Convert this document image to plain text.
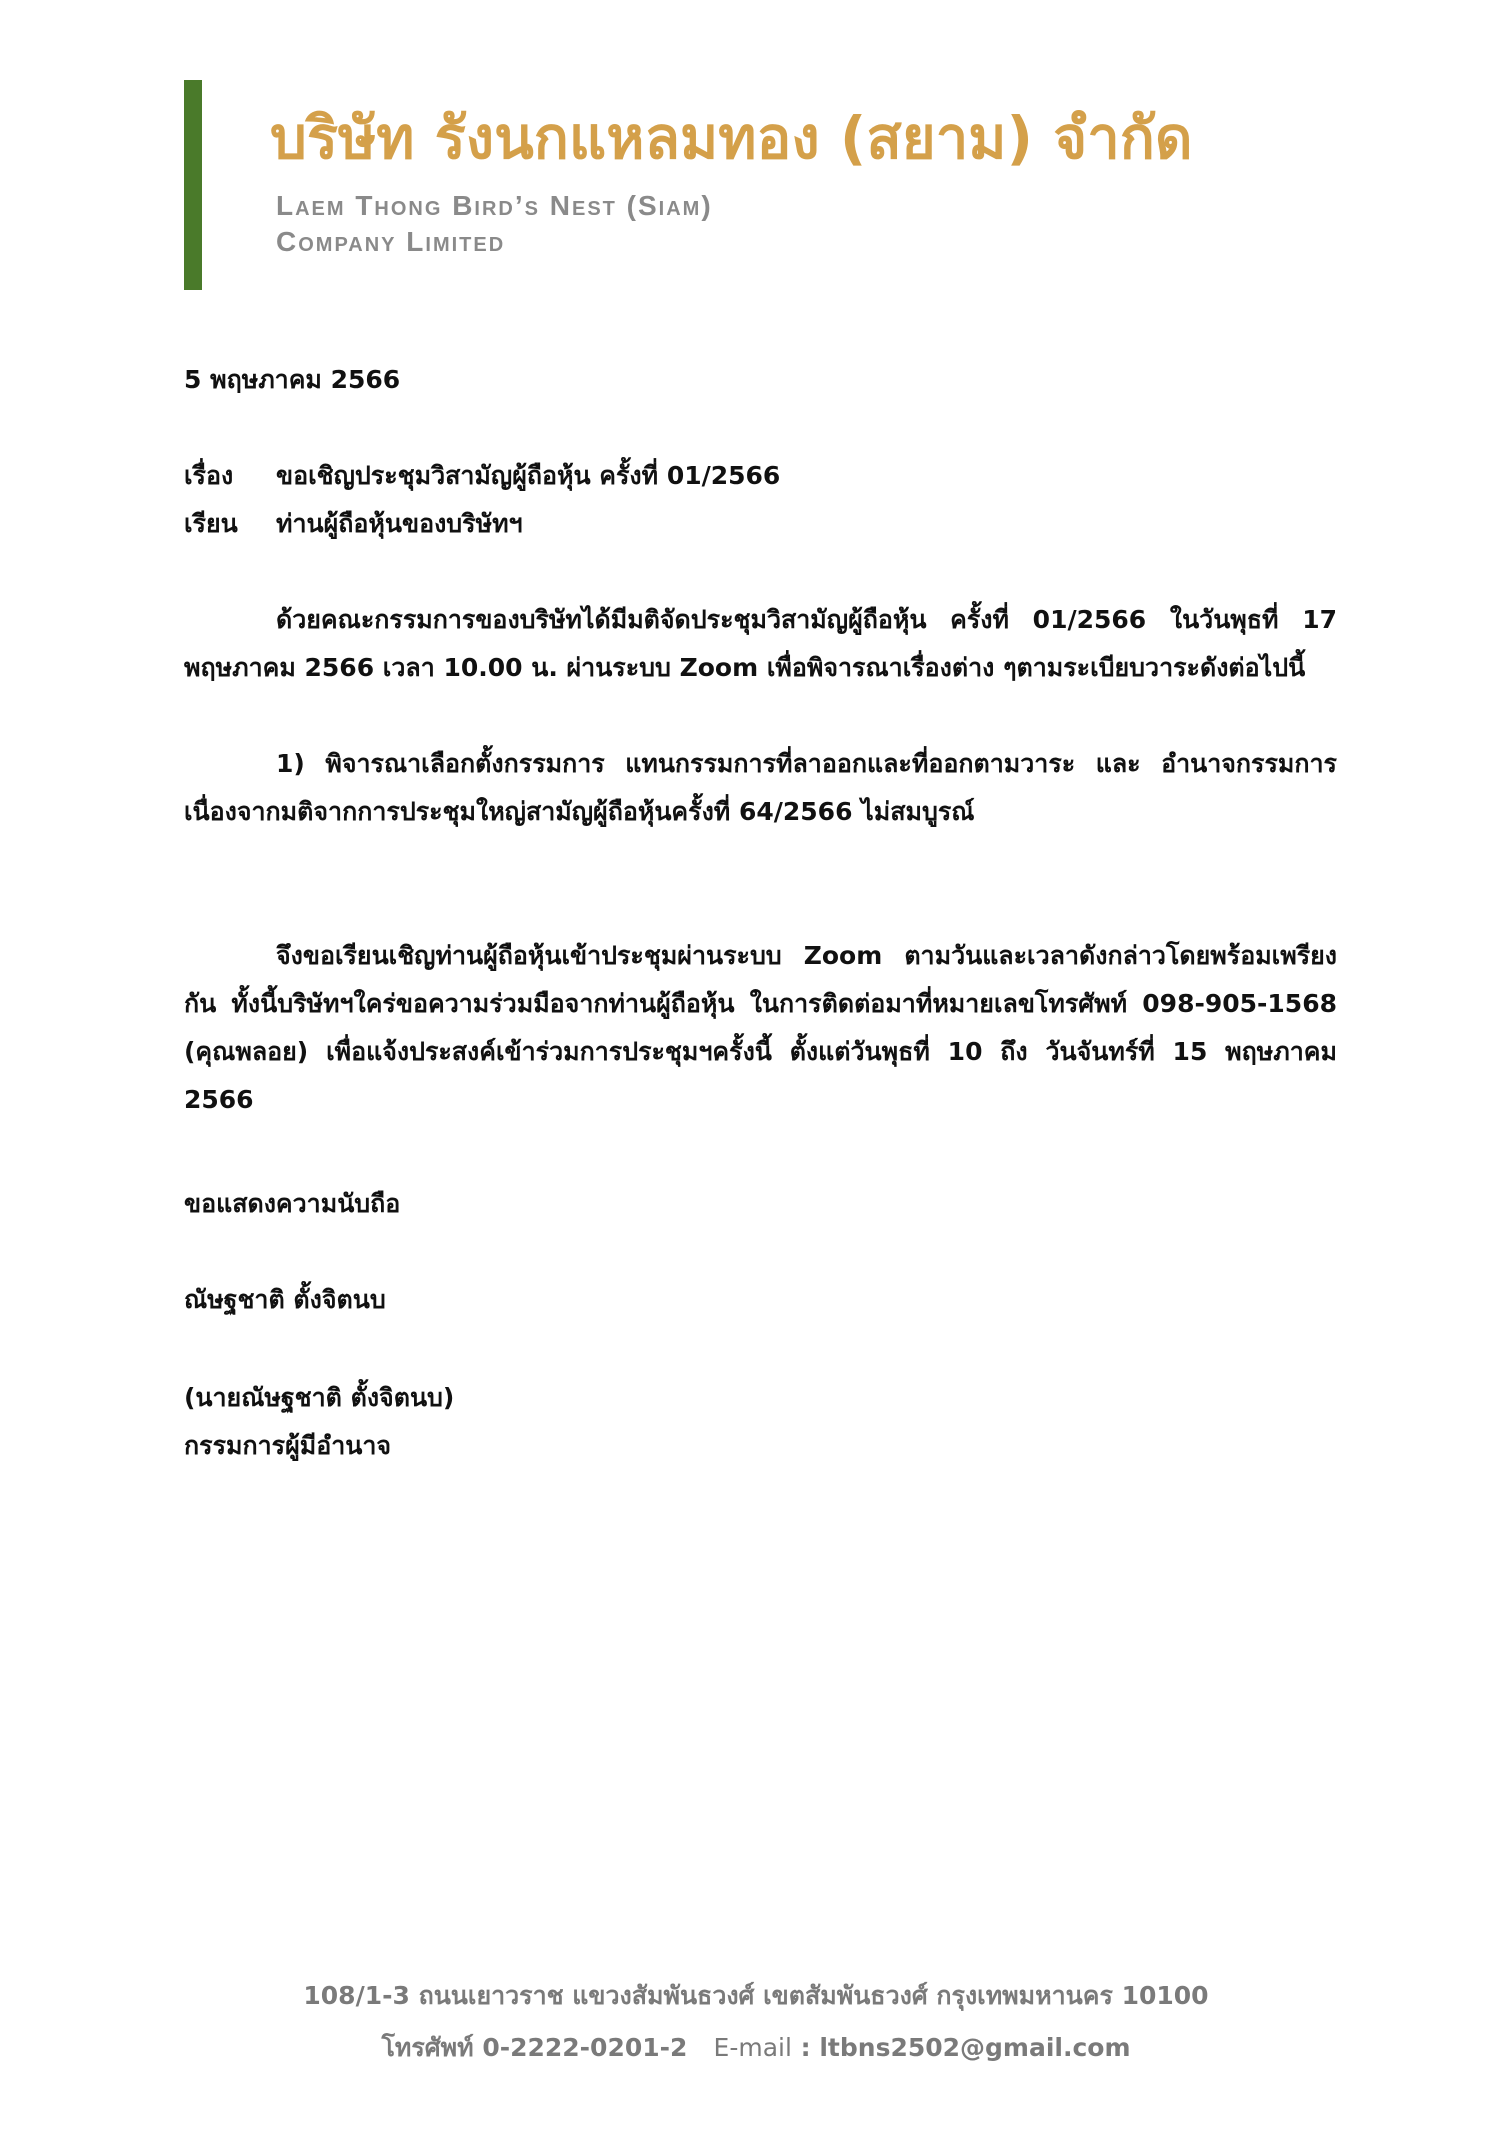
บริษัท รังนกแหลมทอง (สยาม) จำกัด
Laem Thong Bird’s Nest (Siam)
Company Limited
5 พฤษภาคม 2566
เรื่อง ขอเชิญประชุมวิสามัญผู้ถือหุ้น ครั้งที่ 01/2566
เรียน ท่านผู้ถือหุ้นของบริษัทฯ
ด้วยคณะกรรมการของบริษัทได้มีมติจัดประชุมวิสามัญผู้ถือหุ้น ครั้งที่ 01/2566 ในวันพุธที่ 17 พฤษภาคม 2566 เวลา 10.00 น. ผ่านระบบ Zoom เพื่อพิจารณาเรื่องต่าง ๆตามระเบียบวาระดังต่อไปนี้
1) พิจารณาเลือกตั้งกรรมการ แทนกรรมการที่ลาออกและที่ออกตามวาระ และ อำนาจกรรมการ เนื่องจากมติจากการประชุมใหญ่สามัญผู้ถือหุ้นครั้งที่ 64/2566 ไม่สมบูรณ์
จึงขอเรียนเชิญท่านผู้ถือหุ้นเข้าประชุมผ่านระบบ Zoom ตามวันและเวลาดังกล่าวโดยพร้อมเพรียงกัน ทั้งนี้บริษัทฯใคร่ขอความร่วมมือจากท่านผู้ถือหุ้น ในการติดต่อมาที่หมายเลขโทรศัพท์ 098-905-1568 (คุณพลอย) เพื่อแจ้งประสงค์เข้าร่วมการประชุมฯครั้งนี้ ตั้งแต่วันพุธที่ 10 ถึง วันจันทร์ที่ 15 พฤษภาคม 2566
ขอแสดงความนับถือ
ณัษฐชาติ ตั้งจิตนบ
(นายณัษฐชาติ ตั้งจิตนบ)
กรรมการผู้มีอำนาจ
108/1-3 ถนนเยาวราช แขวงสัมพันธวงศ์ เขตสัมพันธวงศ์ กรุงเทพมหานคร 10100
โทรศัพท์ 0-2222-0201-2 E-mail : ltbns2502@gmail.com
